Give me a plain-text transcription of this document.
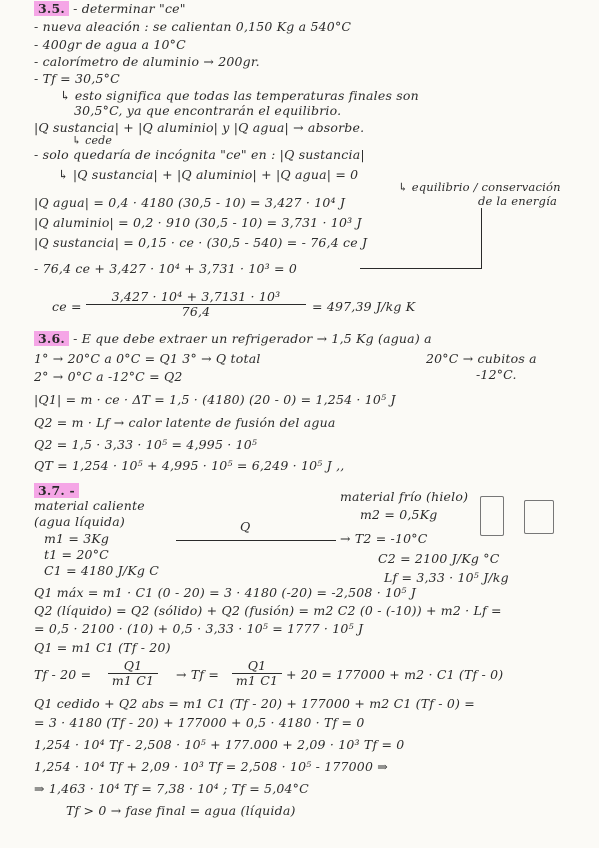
3.5. - determinar "ce"
- nueva aleación : se calientan 0,150 Kg a 540°C
- 400gr de agua a 10°C
- calorímetro de aluminio → 200gr.
- Tf = 30,5°C
↳ esto significa que todas las temperaturas finales son
30,5°C, ya que encontrarán el equilibrio.
|Q sustancia| + |Q aluminio| y |Q agua| → absorbe.
↳ cede
- solo quedaría de incógnita "ce" en : |Q sustancia|
↳ |Q sustancia| + |Q aluminio| + |Q agua| = 0
↳ equilibrio / conservación
de la energía
|Q agua| = 0,4 · 4180 (30,5 - 10) = 3,427 · 10⁴ J
|Q aluminio| = 0,2 · 910 (30,5 - 10) = 3,731 · 10³ J
|Q sustancia| = 0,15 · ce · (30,5 - 540) = - 76,4 ce J
- 76,4 ce + 3,427 · 10⁴ + 3,731 · 10³ = 0
ce = $\frac{\text{3,427 · 10⁴ + 3,7131 · 10³}}{76,4} = 497,39$ J/kg K
3.6. - E que debe extraer un refrigerador → 1,5 Kg (agua) a
1° → 20°C a 0°C = Q1 3° → Q total	20°C → cubitos a
2° → 0°C a -12°C = Q2	-12°C.
|Q1| = m · ce · ΔT = 1,5 · (4180) (20 - 0) = 1,254 · 10⁵ J
Q2 = m · Lf → calor latente de fusión del agua
Q2 = 1,5 · 3,33 · 10⁵ = 4,995 · 10⁵
QT = 1,254 · 10⁵ + 4,995 · 10⁵ = 6,249 · 10⁵ J ,,
3.7. -
material caliente
(agua líquida)
m1 = 3Kg
t1 = 20°C
C1 = 4180 J/Kg C
Q
material frío (hielo)
m2 = 0,5Kg
→ T2 = -10°C
C2 = 2100 J/Kg °C
Lf = 3,33 · 10⁵ J/kg
Q1 máx = m1 · C1 (0 - 20) = 3 · 4180 (-20) = -2,508 · 10⁵ J
Q2 (líquido) = Q2 (sólido) + Q2 (fusión) = m2 C2 (0 - (-10)) + m2 · Lf =
= 0,5 · 2100 · (10) + 0,5 · 3,33 · 10⁵ = 1777 · 10⁵ J
Q1 = m1 C1 (Tf - 20)
$Tf - 20 = \frac{Q1}{m1 C1} \to Tf = \frac{Q1}{m1 C1} + 20 = 177000 + m2 \cdot C1$ (Tf - 0)
Q1 cedido + Q2 abs = m1 C1 (Tf - 20) + 177000 + m2 C1 (Tf - 0) =
= 3 · 4180 (Tf - 20) + 177000 + 0,5 · 4180 · Tf = 0
1,254 · 10⁴ Tf - 2,508 · 10⁵ + 177.000 + 2,09 · 10³ Tf = 0
1,254 · 10⁴ Tf + 2,09 · 10³ Tf = 2,508 · 10⁵ - 177000 ⇒
⇒ 1,463 · 10⁴ Tf = 7,38 · 10⁴ ; Tf = 5,04°C
Tf > 0 → fase final = agua (líquida)
